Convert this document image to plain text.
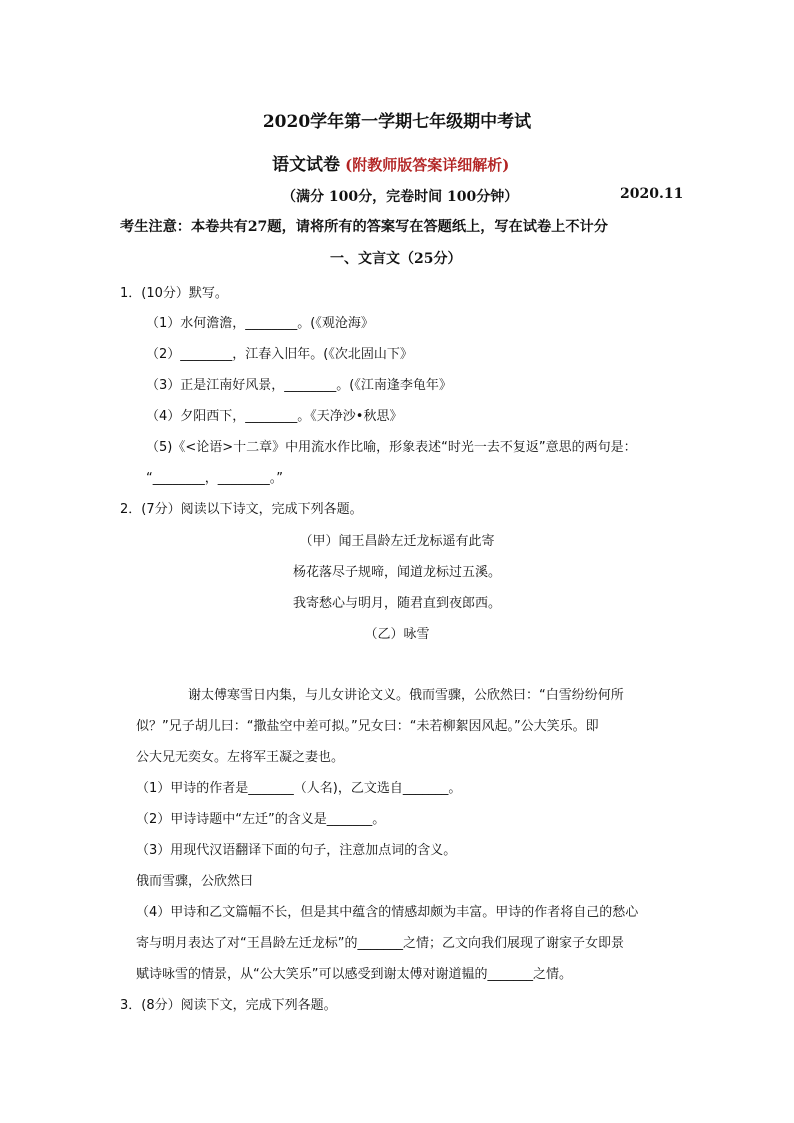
2020学年第一学期七年级期中考试
语文试卷 (附教师版答案详细解析)
（满分 100分，完卷时间 100分钟）	2020.11
考生注意：本卷共有27题，请将所有的答案写在答题纸上，写在试卷上不计分
一、文言文（25分）
1．(10分）默写。
（1）水何澹澹，________。(《观沧海》
（2）________，江春入旧年。(《次北固山下》
（3）正是江南好风景，________。(《江南逢李龟年》
（4）夕阳西下，________。《天净沙•秋思》
（5)《<论语>十二章》中用流水作比喻，形象表述“时光一去不复返”意思的两句是：
“________，________。”
2．(7分）阅读以下诗文，完成下列各题。
（甲）闻王昌龄左迁龙标遥有此寄
杨花落尽子规啼，闻道龙标过五溪。
我寄愁心与明月，随君直到夜郎西。
（乙）咏雪
谢太傅寒雪日内集，与儿女讲论文义。俄而雪骤，公欣然曰：“白雪纷纷何所
似？”兄子胡儿曰：“撒盐空中差可拟。”兄女曰：“未若柳絮因风起。”公大笑乐。即
公大兄无奕女。左将军王凝之妻也。
（1）甲诗的作者是_______（人名)，乙文选自_______。
（2）甲诗诗题中“左迁”的含义是_______。
（3）用现代汉语翻译下面的句子，注意加点词的含义。
俄而雪骤，公欣然曰
（4）甲诗和乙文篇幅不长，但是其中蕴含的情感却颇为丰富。甲诗的作者将自己的愁心
寄与明月表达了对“王昌龄左迁龙标”的_______之情；乙文向我们展现了谢家子女即景
赋诗咏雪的情景，从“公大笑乐”可以感受到谢太傅对谢道韫的_______之情。
3．(8分）阅读下文，完成下列各题。
